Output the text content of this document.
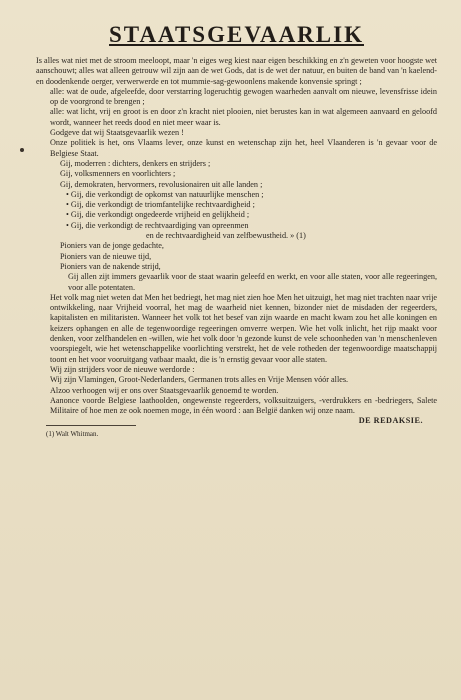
STAATSGEVAARLIK

Is alles wat niet met de stroom meeloopt, maar 'n eiges weg kiest naar eigen beschikking en z'n geweten voor hoogste wet aanschouwt; alles wat alleen getrouw wil zijn aan de wet Gods, dat is de wet der natuur, en buiten de band van 'n kaelend- en doodenkende oerger, verwerwerde en tot mummie-sag-gewoonlens makende konvensie springt ;

alle: wat de oude, afgeleefde, door verstarring logeruchtig gewogen waarheden aanvalt om nieuwe, levensfrisse idein op de voorgrond te brengen ;

alle: wat licht, vrij en groot is en door z'n kracht niet plooien, niet berustes kan in wat algemeen aanvaard en geloofd wordt, wanneer het reeds dood en niet meer waar is.

Godgeve dat wij Staatsgevaarlik wezen !

Onze politiek is het, ons Vlaams lever, onze kunst en wetenschap zijn het, heel Vlaanderen is 'n gevaar voor de Belgiese Staat.

Gij, moderren : dichters, denkers en strijders ;

Gij, volksmenners en voorlichters ;

Gij, demokraten, hervormers, revolusionairen uit alle landen ;

• Gij, die verkondigt de opkomst van natuurlijke menschen ;

• Gij, die verkondigt de triomfantelijke rechtvaardigheid ;

• Gij, die verkondigt ongedeerde vrijheid en gelijkheid ;

• Gij, die verkondigt de rechtvaardiging van opreenmen

en de rechtvaardigheid van zelfbewustheid. » (1)

Pioniers van de jonge gedachte,

Pioniers van de nieuwe tijd,

Pioniers van de nakende strijd,

Gij allen zijt immers gevaarlik voor de staat waarin geleefd en werkt, en voor alle staten, voor alle regeeringen, voor alle potentaten.

Het volk mag niet weten dat Men het bedriegt, het mag niet zien hoe Men het uitzuigt, het mag niet trachten naar vrije ontwikkeling, naar Vrijheid voorral, het mag de waarheid niet kennen, bizonder niet de misdaden der regeerders, kapitalisten en militaristen. Wanneer het volk tot het besef van zijn waarde en macht kwam zou het alle koningen en keizers ophangen en alle de tegenwoordige regeeringen omverre werpen. Wie het volk inlicht, het rijp maakt voor denken, voor zelfhandelen en -willen, wie het volk door 'n gezonde kunst de vele schoonheden van 'n menschenleven voorspiegelt, wie het wetenschappelike voorlichting verstrekt, het de vele rotheden der tegenwoordige maatschappij toont en het voor vooruitgang vatbaar maakt, die is 'n ernstig gevaar voor alle staten.

Wij zijn strijders voor de nieuwe werdorde :

Wij zijn Vlamingen, Groot-Nederlanders, Germanen trots alles en Vrije Mensen vóór alles.

Alzoo verhoogen wij er ons over Staatsgevaarlik genoemd te worden.

Aanonce voorde Belgiese laathoolden, ongewenste regeerders, volksuitzuigers, -verdrukkers en -bedriegers, Salete Militaire of hoe men ze ook noemen moge, in één woord : aan België danken wij onze naam.

DE REDAKSIE.
(1) Walt Whitman.
